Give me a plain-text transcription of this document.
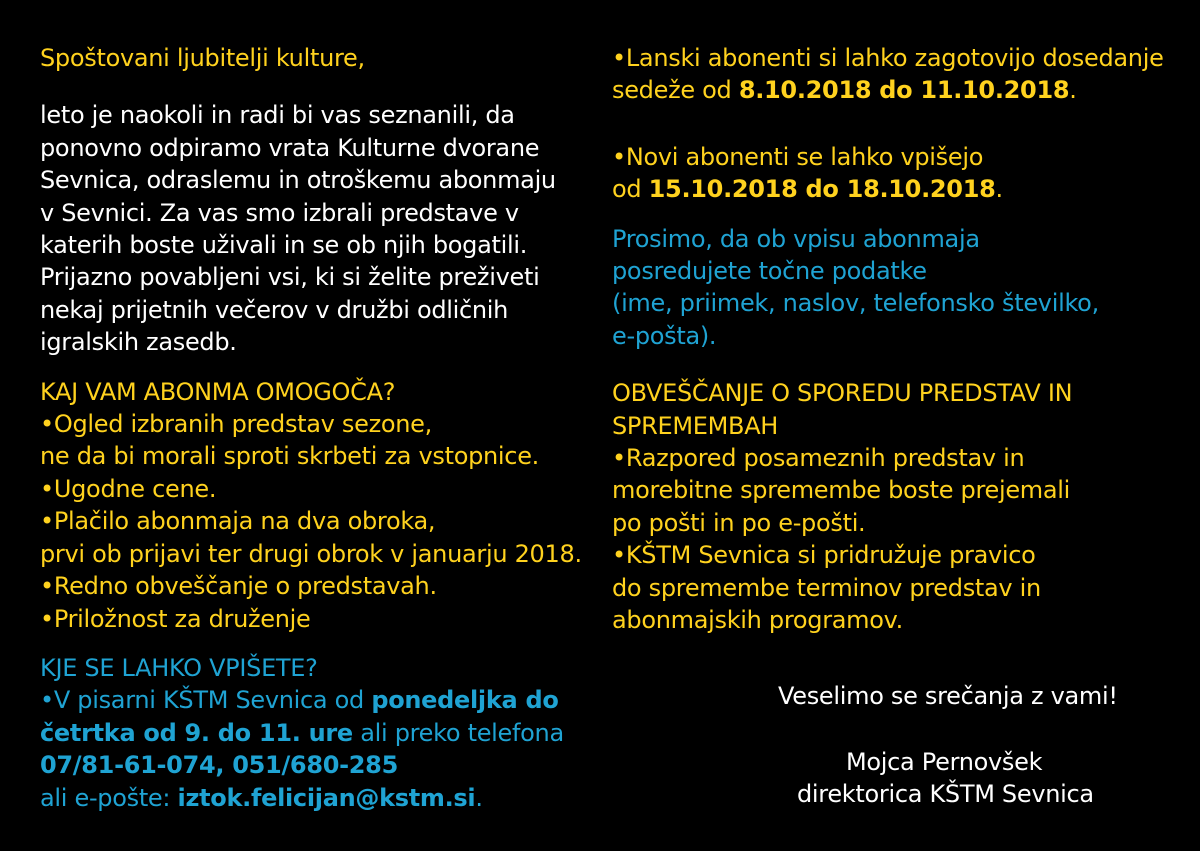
Spoštovani ljubitelji kulture,
leto je naokoli in radi bi vas seznanili, da
ponovno odpiramo vrata Kulturne dvorane
Sevnica, odraslemu in otroškemu abonmaju
v Sevnici. Za vas smo izbrali predstave v
katerih boste uživali in se ob njih bogatili.
Prijazno povabljeni vsi, ki si želite preživeti
nekaj prijetnih večerov v družbi odličnih
igralskih zasedb.
KAJ VAM ABONMA OMOGOČA?
•Ogled izbranih predstav sezone,
ne da bi morali sproti skrbeti za vstopnice.
•Ugodne cene.
•Plačilo abonmaja na dva obroka,
prvi ob prijavi ter drugi obrok v januarju 2018.
•Redno obveščanje o predstavah.
•Priložnost za druženje
KJE SE LAHKO VPIŠETE?
•V pisarni KŠTM Sevnica od ponedeljka do
četrtka od 9. do 11. ure ali preko telefona
07/81-61-074, 051/680-285
ali e-pošte: iztok.felicijan@kstm.si.
•Lanski abonenti si lahko zagotovijo dosedanje
sedeže od 8.10.2018 do 11.10.2018.
•Novi abonenti se lahko vpišejo
od 15.10.2018 do 18.10.2018.
Prosimo, da ob vpisu abonmaja
posredujete točne podatke
(ime, priimek, naslov, telefonsko številko,
e-pošta).
OBVEŠČANJE O SPOREDU PREDSTAV IN
SPREMEMBAH
•Razpored posameznih predstav in
morebitne spremembe boste prejemali
po pošti in po e-pošti.
•KŠTM Sevnica si pridružuje pravico
do spremembe terminov predstav in
abonmajskih programov.
Veselimo se srečanja z vami!
Mojca Pernovšek
direktorica KŠTM Sevnica
